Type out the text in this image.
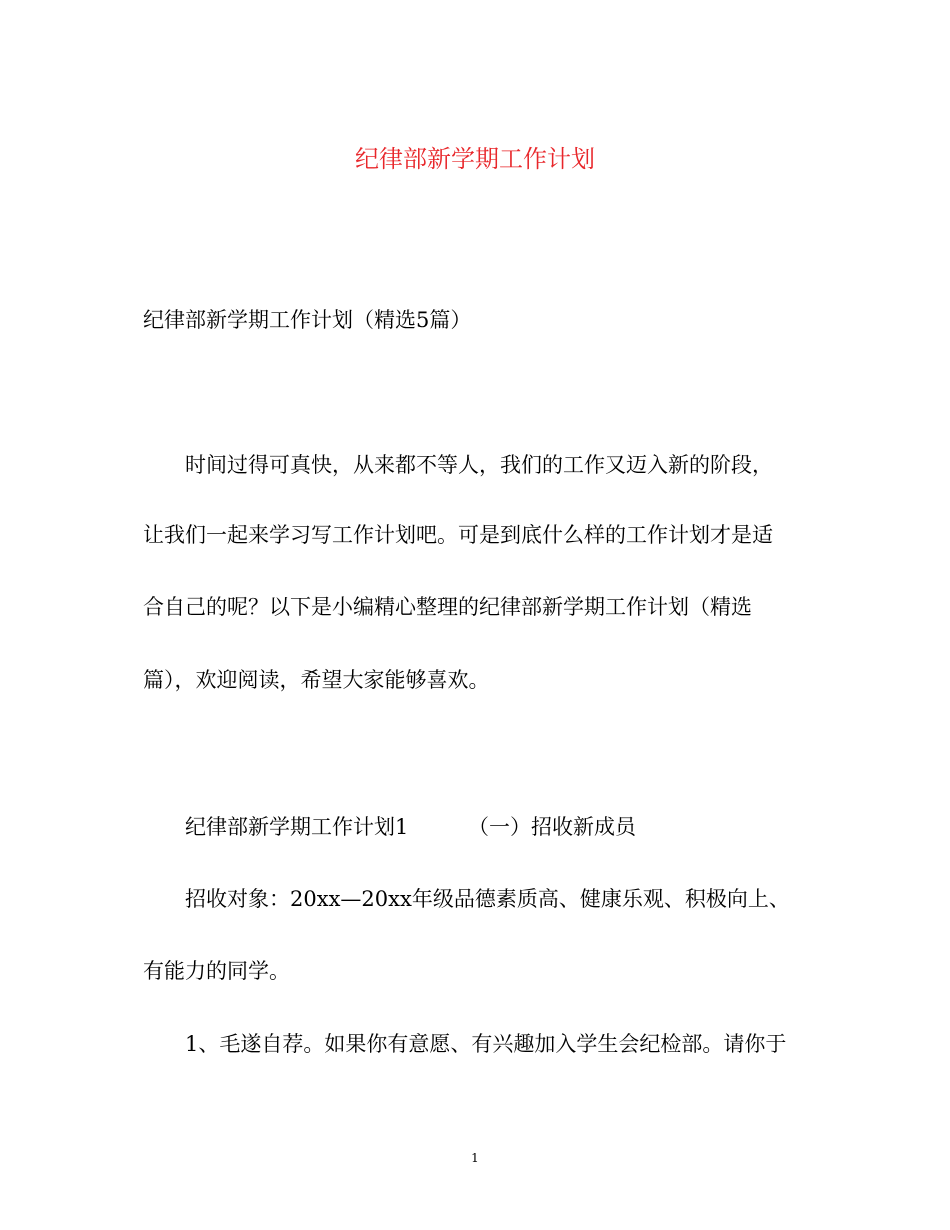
纪律部新学期工作计划
纪律部新学期工作计划（精选5篇）
时间过得可真快，从来都不等人，我们的工作又迈入新的阶段，
让我们一起来学习写工作计划吧。可是到底什么样的工作计划才是适
合自己的呢？以下是小编精心整理的纪律部新学期工作计划（精选
篇），欢迎阅读，希望大家能够喜欢。
纪律部新学期工作计划1	（一）招收新成员
招收对象：20xx—20xx年级品德素质高、健康乐观、积极向上、
有能力的同学。
1、毛遂自荐。如果你有意愿、有兴趣加入学生会纪检部。请你于
1
